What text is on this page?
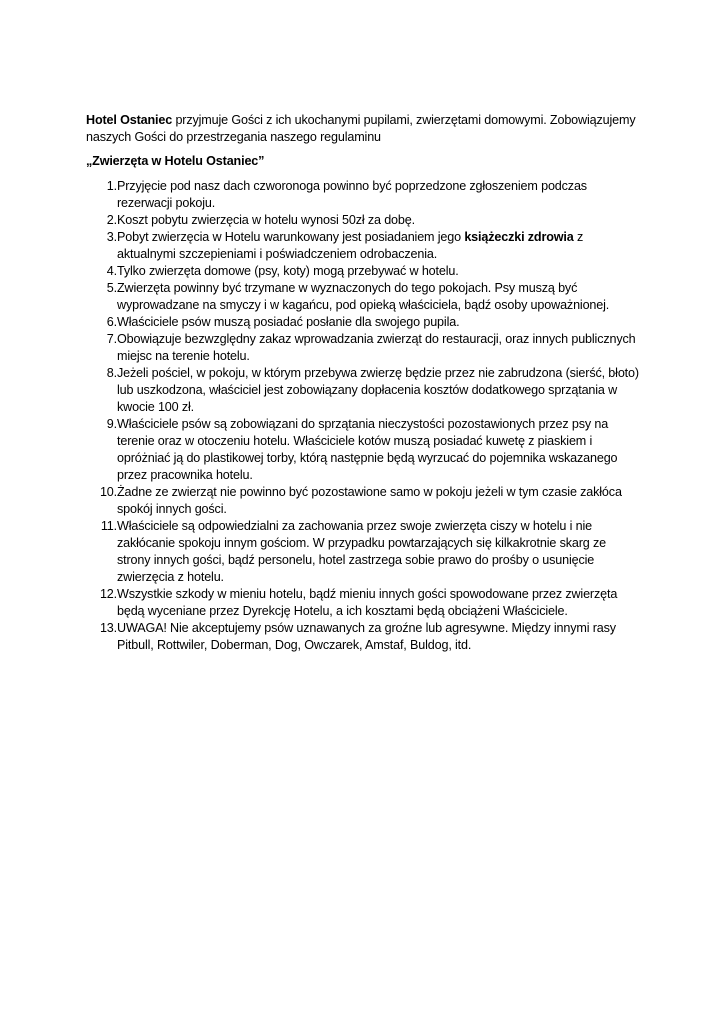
Hotel Ostaniec przyjmuje Gości z ich ukochanymi pupilami, zwierzętami domowymi. Zobowiązujemy naszych Gości do przestrzegania naszego regulaminu

„Zwierzęta w Hotelu Ostaniec”

1. Przyjęcie pod nasz dach czworonoga powinno być poprzedzone zgłoszeniem podczas rezerwacji pokoju.
2. Koszt pobytu zwierzęcia w hotelu wynosi 50zł za dobę.
3. Pobyt zwierzęcia w Hotelu warunkowany jest posiadaniem jego książeczki zdrowia z aktualnymi szczepieniami i poświadczeniem odrobaczenia.
4. Tylko zwierzęta domowe (psy, koty) mogą przebywać w hotelu.
5. Zwierzęta powinny być trzymane w wyznaczonych do tego pokojach. Psy muszą być wyprowadzane na smyczy i w kagańcu, pod opieką właściciela, bądź osoby upoważnionej.
6. Właściciele psów muszą posiadać posłanie dla swojego pupila.
7. Obowiązuje bezwzględny zakaz wprowadzania zwierząt do restauracji, oraz innych publicznych miejsc na terenie hotelu.
8. Jeżeli pościel, w pokoju, w którym przebywa zwierzę będzie przez nie zabrudzona (sierść, błoto) lub uszkodzona, właściciel jest zobowiązany dopłacenia kosztów dodatkowego sprzątania w kwocie 100 zł.
9. Właściciele psów są zobowiązani do sprzątania nieczystości pozostawionych przez psy na terenie oraz w otoczeniu hotelu. Właściciele kotów muszą posiadać kuwetę z piaskiem i opróżniać ją do plastikowej torby, którą następnie będą wyrzucać do pojemnika wskazanego przez pracownika hotelu.
10. Żadne ze zwierząt nie powinno być pozostawione samo w pokoju jeżeli w tym czasie zakłóca spokój innych gości.
11. Właściciele są odpowiedzialni za zachowania przez swoje zwierzęta ciszy w hotelu i nie zakłócanie spokoju innym gościom. W przypadku powtarzających się kilkakrotnie skarg ze strony innych gości, bądź personelu, hotel zastrzega sobie prawo do prośby o usunięcie zwierzęcia z hotelu.
12. Wszystkie szkody w mieniu hotelu, bądź mieniu innych gości spowodowane przez zwierzęta będą wyceniane przez Dyrekcję Hotelu, a ich kosztami będą obciążeni Właściciele.
13. UWAGA! Nie akceptujemy psów uznawanych za groźne lub agresywne. Między innymi rasy Pitbull, Rottwiler, Doberman, Dog, Owczarek, Amstaf, Buldog, itd.
